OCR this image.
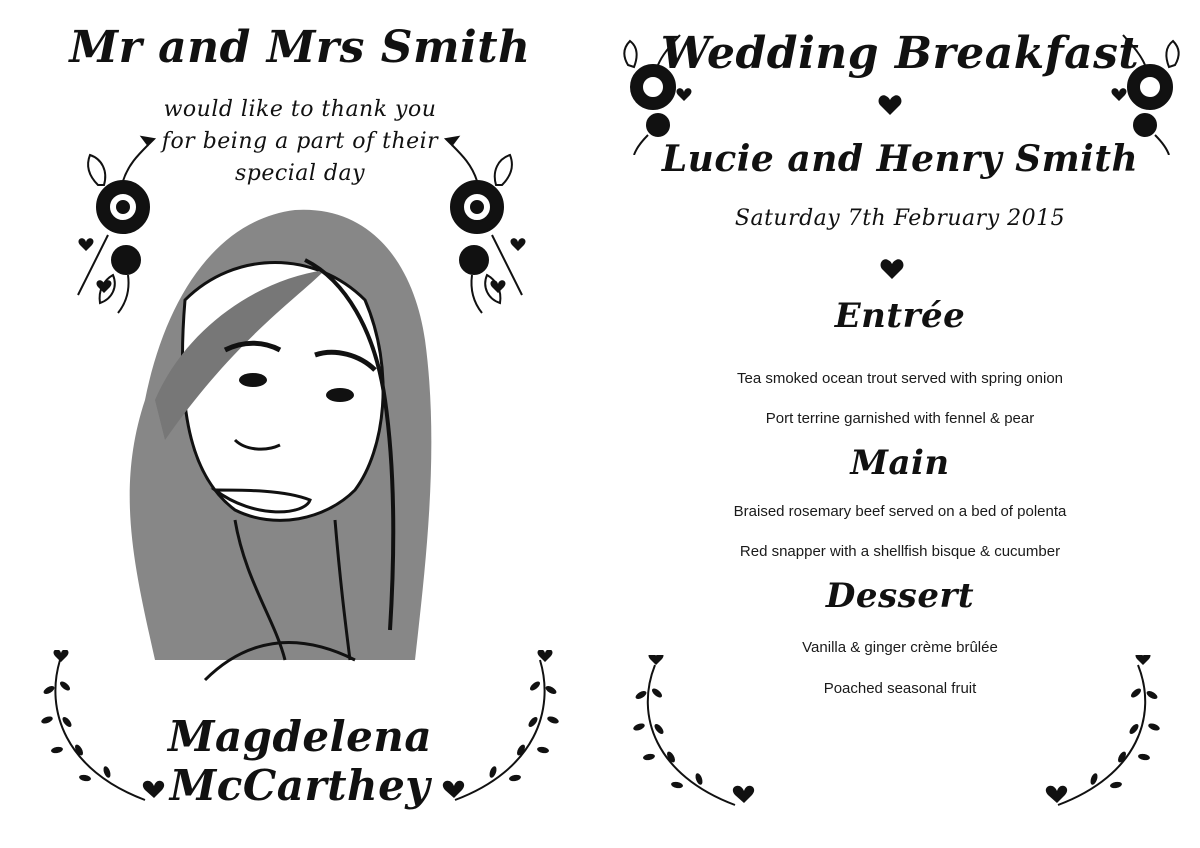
Mr and Mrs Smith
would like to thank you
for being a part of their
special day
Magdelena McCarthey
Wedding Breakfast
Lucie and Henry Smith
Saturday 7th February 2015
Entrée
Tea smoked ocean trout served with spring onion
Port terrine garnished with fennel & pear
Main
Braised rosemary beef served on a bed of polenta
Red snapper with a shellfish bisque & cucumber
Dessert
Vanilla & ginger crème brûlée
Poached seasonal fruit
